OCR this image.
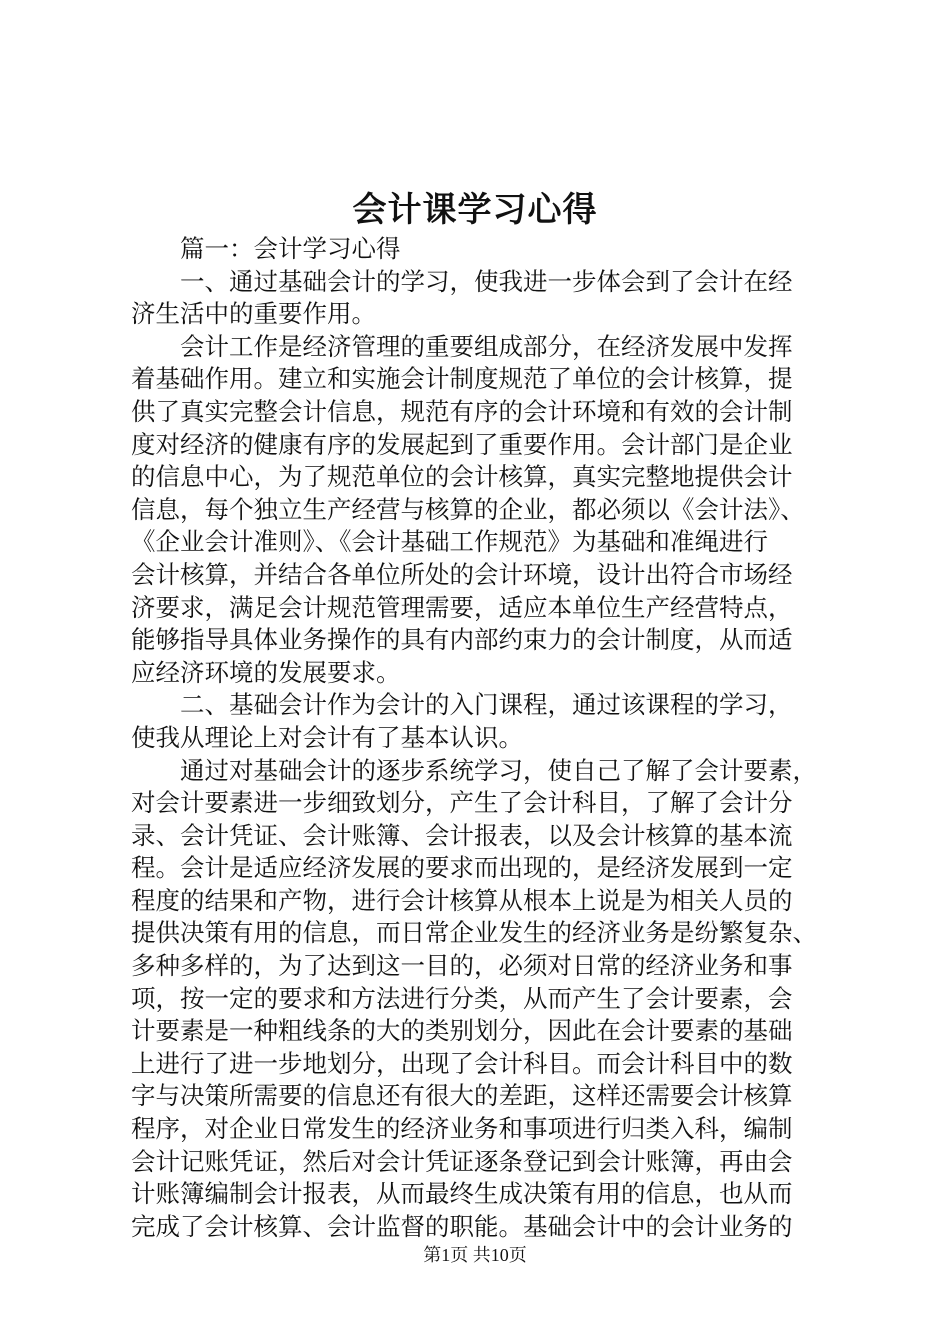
会计课学习心得
篇一：会计学习心得
一、通过基础会计的学习，使我进一步体会到了会计在经
济生活中的重要作用。
会计工作是经济管理的重要组成部分，在经济发展中发挥
着基础作用。建立和实施会计制度规范了单位的会计核算，提
供了真实完整会计信息，规范有序的会计环境和有效的会计制
度对经济的健康有序的发展起到了重要作用。会计部门是企业
的信息中心，为了规范单位的会计核算，真实完整地提供会计
信息，每个独立生产经营与核算的企业，都必须以《会计法》、
《企业会计准则》、《会计基础工作规范》为基础和准绳进行
会计核算，并结合各单位所处的会计环境，设计出符合市场经
济要求，满足会计规范管理需要，适应本单位生产经营特点，
能够指导具体业务操作的具有内部约束力的会计制度，从而适
应经济环境的发展要求。
二、基础会计作为会计的入门课程，通过该课程的学习，
使我从理论上对会计有了基本认识。
通过对基础会计的逐步系统学习，使自己了解了会计要素，
对会计要素进一步细致划分，产生了会计科目，了解了会计分
录、会计凭证、会计账簿、会计报表，以及会计核算的基本流
程。会计是适应经济发展的要求而出现的，是经济发展到一定
程度的结果和产物，进行会计核算从根本上说是为相关人员的
提供决策有用的信息，而日常企业发生的经济业务是纷繁复杂、
多种多样的，为了达到这一目的，必须对日常的经济业务和事
项，按一定的要求和方法进行分类，从而产生了会计要素，会
计要素是一种粗线条的大的类别划分，因此在会计要素的基础
上进行了进一步地划分，出现了会计科目。而会计科目中的数
字与决策所需要的信息还有很大的差距，这样还需要会计核算
程序，对企业日常发生的经济业务和事项进行归类入科，编制
会计记账凭证，然后对会计凭证逐条登记到会计账簿，再由会
计账簿编制会计报表，从而最终生成决策有用的信息，也从而
完成了会计核算、会计监督的职能。基础会计中的会计业务的
第1页 共10页
